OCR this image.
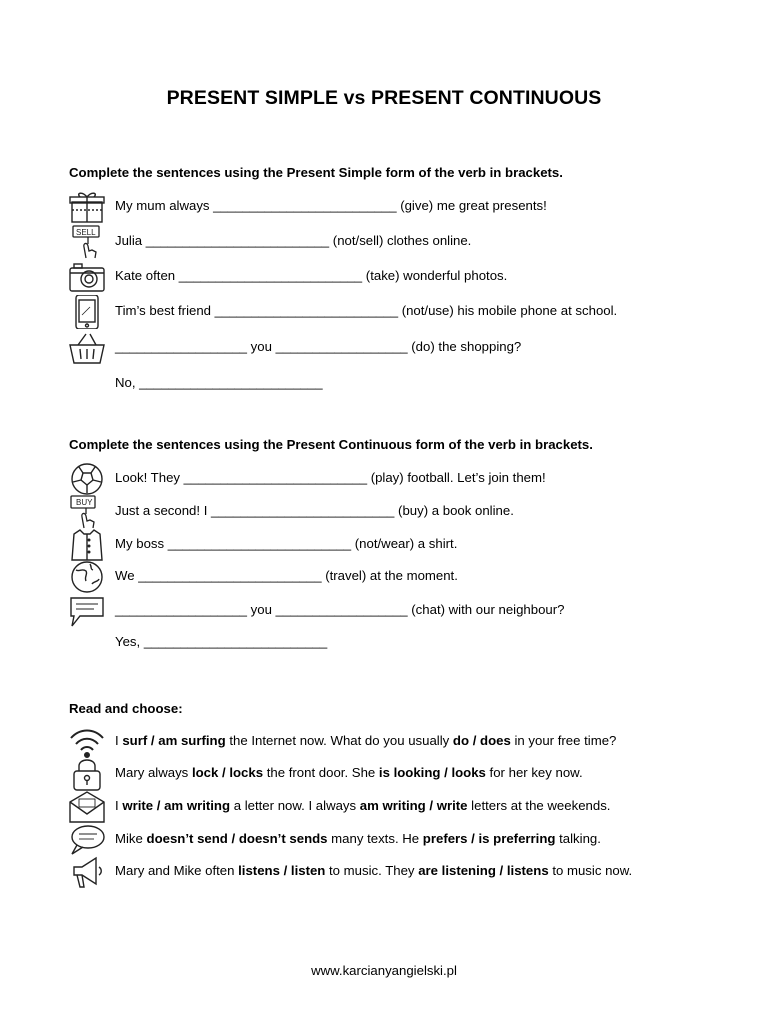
PRESENT SIMPLE vs PRESENT CONTINUOUS
Complete the sentences using the Present Simple form of the verb in brackets.
My mum always _________________________ (give) me great presents!
SELL
Julia _________________________ (not/sell) clothes online.
Kate often _________________________ (take) wonderful photos.
Tim’s best friend _________________________ (not/use) his mobile phone at school.
__________________ you __________________ (do) the shopping?
No, _________________________
Complete the sentences using the Present Continuous form of the verb in brackets.
Look! They _________________________ (play) football. Let’s join them!
BUY
Just a second! I _________________________ (buy) a book online.
My boss _________________________ (not/wear) a shirt.
We _________________________ (travel) at the moment.
__________________ you __________________ (chat) with our neighbour?
Yes, _________________________
Read and choose:
I surf / am surfing the Internet now. What do you usually do / does in your free time?
Mary always lock / locks the front door. She is looking / looks for her key now.
I write / am writing a letter now. I always am writing / write letters at the weekends.
Mike doesn’t send / doesn’t sends many texts. He prefers / is preferring talking.
Mary and Mike often listens / listen to music. They are listening / listens to music now.
www.karcianyangielski.pl
